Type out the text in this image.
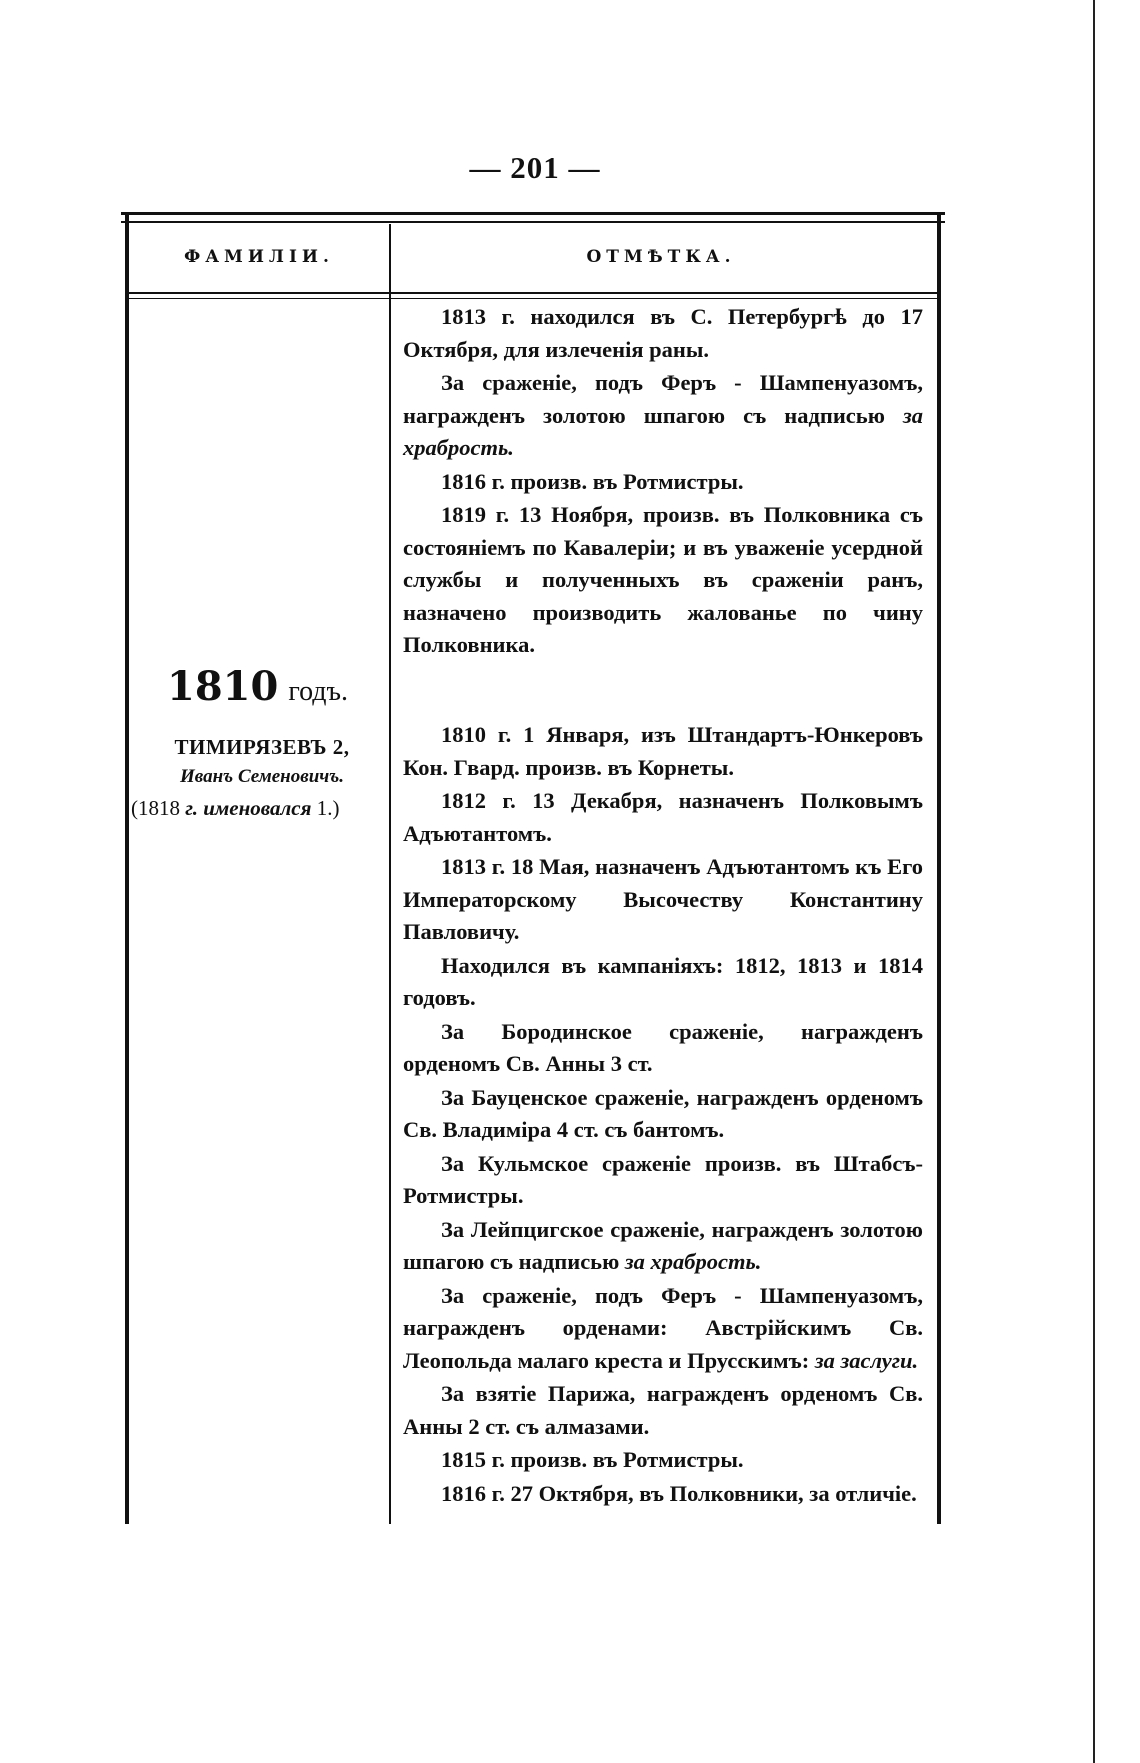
— 201 —
ФАМИЛІИ.	ОТМѢТКА.
1810 годъ.
ТИМИРЯЗЕВЪ 2,
Иванъ Семеновичъ.
(1818 г. именовался 1.)

1813 г. находился въ С. Петербургѣ до 17 Октября, для излеченія раны.

За сраженіе, подъ Феръ - Шампенуазомъ, награжденъ золотою шпагою съ надписью за храбрость.

1816 г. произв. въ Ротмистры.

1819 г. 13 Ноября, произв. въ Полковника съ состояніемъ по Кавалеріи; и въ уваженіе усердной службы и полученныхъ въ сраженіи ранъ, назначено производить жалованье по чину Полковника.

1810 г. 1 Января, изъ Штандартъ-Юнкеровъ Кон. Гвард. произв. въ Корнеты.

1812 г. 13 Декабря, назначенъ Полковымъ Адъютантомъ.

1813 г. 18 Мая, назначенъ Адъютантомъ къ Его Императорскому Высочеству Константину Павловичу.

Находился въ кампаніяхъ: 1812, 1813 и 1814 годовъ.

За Бородинское сраженіе, награжденъ орденомъ Св. Анны 3 ст.

За Бауценское сраженіе, награжденъ орденомъ Св. Владиміра 4 ст. съ бантомъ.

За Кульмское сраженіе произв. въ Штабсъ-Ротмистры.

За Лейпцигское сраженіе, награжденъ золотою шпагою съ надписью за храбрость.

За сраженіе, подъ Феръ - Шампенуазомъ, награжденъ орденами: Австрійскимъ Св. Леопольда малаго креста и Прусскимъ: за заслуги.

За взятіе Парижа, награжденъ орденомъ Св. Анны 2 ст. съ алмазами.

1815 г. произв. въ Ротмистры.

1816 г. 27 Октября, въ Полковники, за отличіе.
